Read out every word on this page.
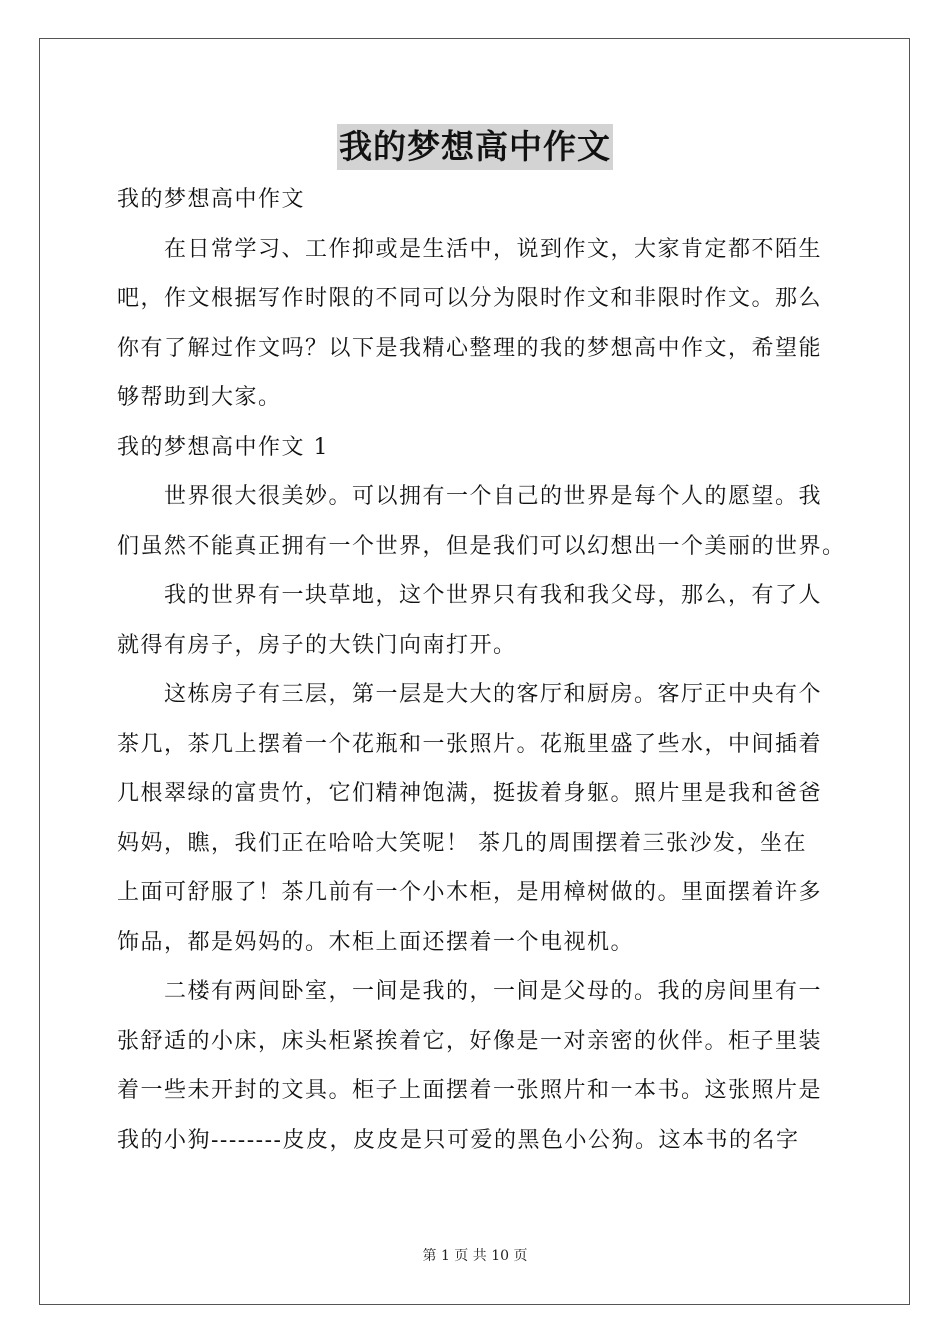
我的梦想高中作文
我的梦想高中作文
在日常学习、工作抑或是生活中，说到作文，大家肯定都不陌生
吧，作文根据写作时限的不同可以分为限时作文和非限时作文。那么
你有了解过作文吗？以下是我精心整理的我的梦想高中作文，希望能
够帮助到大家。
我的梦想高中作文 1
世界很大很美妙。可以拥有一个自己的世界是每个人的愿望。我
们虽然不能真正拥有一个世界，但是我们可以幻想出一个美丽的世界。
我的世界有一块草地，这个世界只有我和我父母，那么，有了人
就得有房子，房子的大铁门向南打开。
这栋房子有三层，第一层是大大的客厅和厨房。客厅正中央有个
茶几，茶几上摆着一个花瓶和一张照片。花瓶里盛了些水，中间插着
几根翠绿的富贵竹，它们精神饱满，挺拔着身躯。照片里是我和爸爸
妈妈，瞧，我们正在哈哈大笑呢！ 茶几的周围摆着三张沙发，坐在
上面可舒服了！茶几前有一个小木柜，是用樟树做的。里面摆着许多
饰品，都是妈妈的。木柜上面还摆着一个电视机。
二楼有两间卧室，一间是我的，一间是父母的。我的房间里有一
张舒适的小床，床头柜紧挨着它，好像是一对亲密的伙伴。柜子里装
着一些未开封的文具。柜子上面摆着一张照片和一本书。这张照片是
我的小狗--------皮皮，皮皮是只可爱的黑色小公狗。这本书的名字
第 1 页 共 10 页
